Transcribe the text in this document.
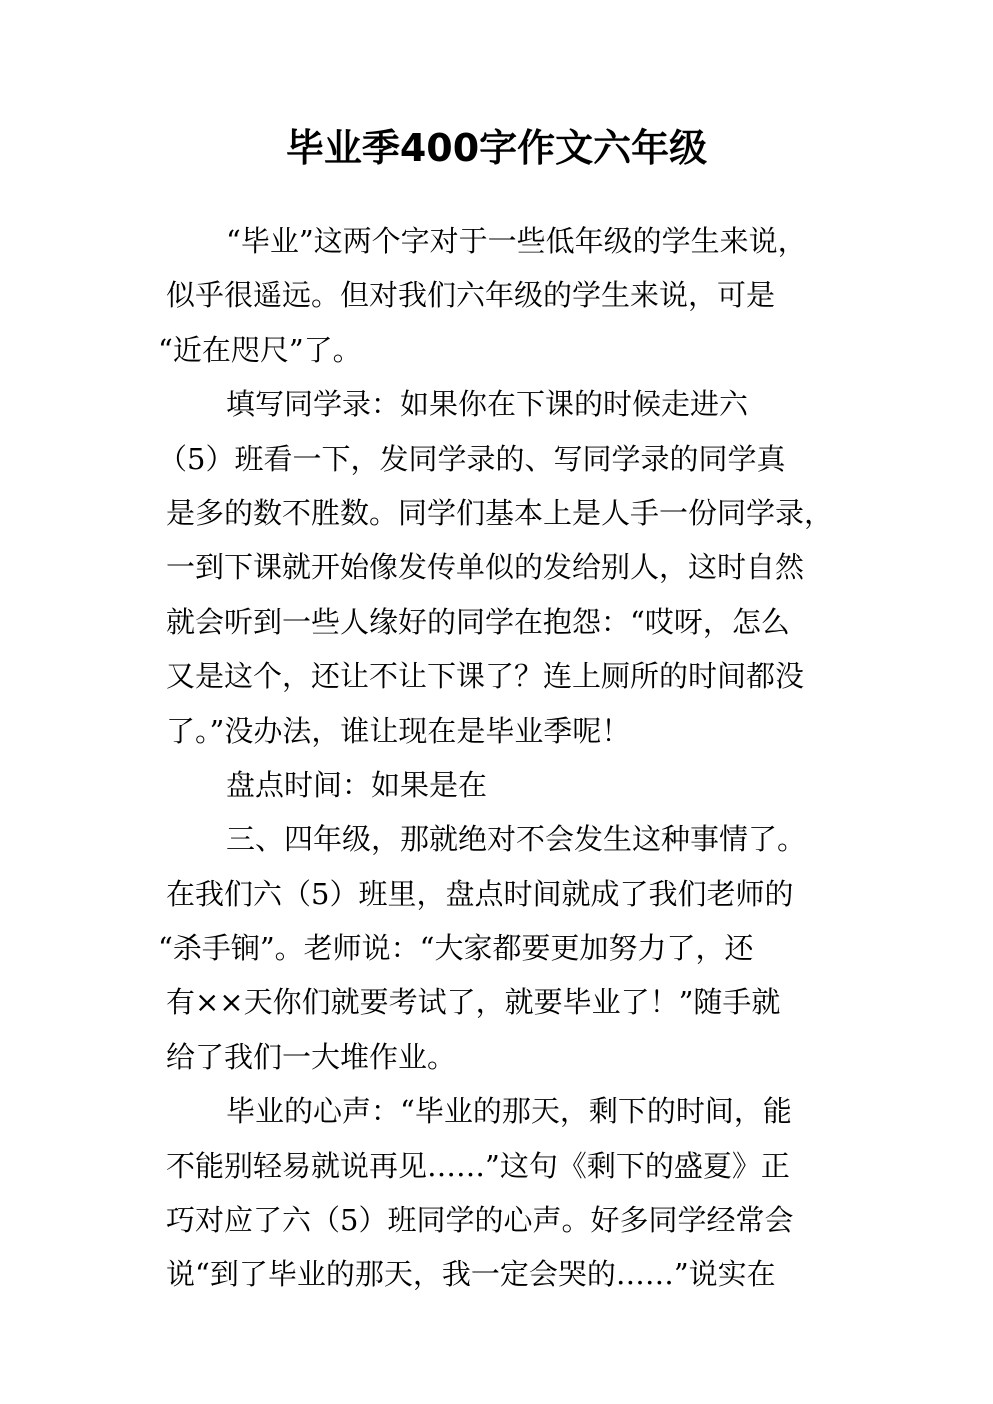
毕业季400字作文六年级
“毕业”这两个字对于一些低年级的学生来说，
似乎很遥远。但对我们六年级的学生来说，可是
“近在咫尺”了。
填写同学录：如果你在下课的时候走进六
（5）班看一下，发同学录的、写同学录的同学真
是多的数不胜数。同学们基本上是人手一份同学录，
一到下课就开始像发传单似的发给别人，这时自然
就会听到一些人缘好的同学在抱怨：“哎呀，怎么
又是这个，还让不让下课了？连上厕所的时间都没
了。”没办法，谁让现在是毕业季呢！
盘点时间：如果是在
三、四年级，那就绝对不会发生这种事情了。
在我们六（5）班里，盘点时间就成了我们老师的
“杀手锏”。老师说：“大家都要更加努力了，还
有××天你们就要考试了，就要毕业了！”随手就
给了我们一大堆作业。
毕业的心声：“毕业的那天，剩下的时间，能
不能别轻易就说再见……”这句《剩下的盛夏》正
巧对应了六（5）班同学的心声。好多同学经常会
说“到了毕业的那天，我一定会哭的……”说实在
